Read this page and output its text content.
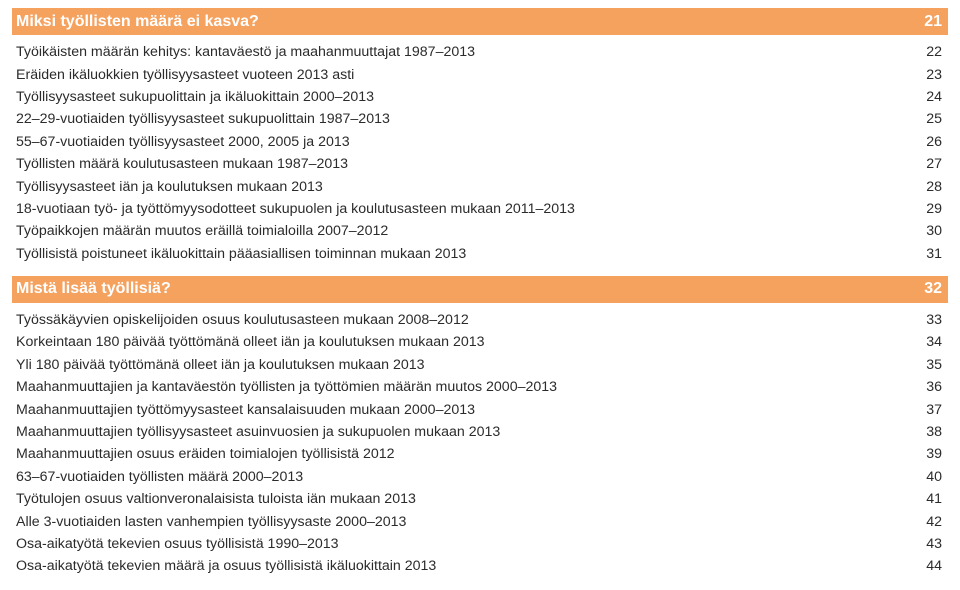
Miksi työllisten määrä ei kasva?	21
Työikäisten määrän kehitys: kantaväestö ja maahanmuuttajat 1987–2013	22
Eräiden ikäluokkien työllisyysasteet vuoteen 2013 asti	23
Työllisyysasteet sukupuolittain ja ikäluokittain 2000–2013	24
22–29-vuotiaiden työllisyysasteet sukupuolittain 1987–2013	25
55–67-vuotiaiden työllisyysasteet 2000, 2005 ja 2013	26
Työllisten määrä koulutusasteen mukaan 1987–2013	27
Työllisyysasteet iän ja koulutuksen mukaan 2013	28
18-vuotiaan työ- ja työttömyysodotteet sukupuolen ja koulutusasteen mukaan 2011–2013	29
Työpaikkojen määrän muutos eräillä toimialoilla 2007–2012	30
Työllisistä poistuneet ikäluokittain pääasiallisen toiminnan mukaan 2013	31
Mistä lisää työllisiä?	32
Työssäkäyvien opiskelijoiden osuus koulutusasteen mukaan 2008–2012	33
Korkeintaan 180 päivää työttömänä olleet iän ja koulutuksen mukaan 2013	34
Yli 180 päivää työttömänä olleet iän ja koulutuksen mukaan 2013	35
Maahanmuuttajien ja kantaväestön työllisten ja työttömien määrän muutos 2000–2013	36
Maahanmuuttajien työttömyysasteet kansalaisuuden mukaan 2000–2013	37
Maahanmuuttajien työllisyysasteet asuinvuosien ja sukupuolen mukaan 2013	38
Maahanmuuttajien osuus eräiden toimialojen työllisistä 2012	39
63–67-vuotiaiden työllisten määrä 2000–2013	40
Työtulojen osuus valtionveronalaisista tuloista iän mukaan 2013	41
Alle 3-vuotiaiden lasten vanhempien työllisyysaste 2000–2013	42
Osa-aikatyötä tekevien osuus työllisistä 1990–2013	43
Osa-aikatyötä tekevien määrä ja osuus työllisistä ikäluokittain 2013	44
